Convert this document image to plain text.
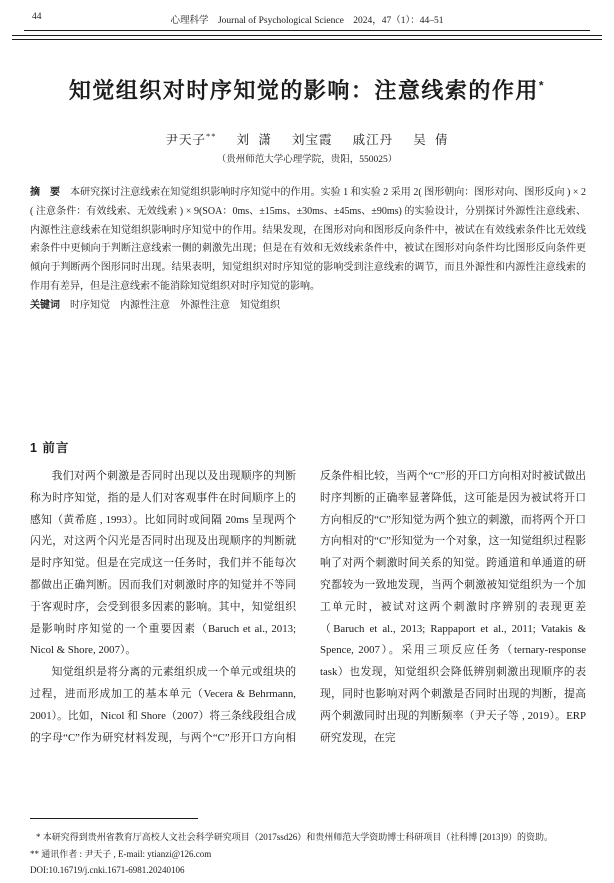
44	心理科学　Journal of Psychological Science　2024，47（1）：44–51
知觉组织对时序知觉的影响：注意线索的作用*
尹天子** 刘  潇 刘宝霞 戚江丹 吴  倩
（贵州师范大学心理学院，贵阳，550025）

摘　要　 本研究探讨注意线索在知觉组织影响时序知觉中的作用。实验 1 和实验 2 采用 2( 图形朝向：图形对向、图形反向 ) × 2 ( 注意条件：有效线索、无效线索 ) × 9(SOA：0ms、±15ms、±30ms、±45ms、±90ms) 的实验设计，分别探讨外源性注意线索、内源性注意线索在知觉组织影响时序知觉中的作用。结果发现，在图形对向和图形反向条件中，被试在有效线索条件比无效线索条件中更倾向于判断注意线索一侧的刺激先出现；但是在有效和无效线索条件中，被试在图形对向条件均比图形反向条件更倾向于判断两个图形同时出现。结果表明，知觉组织对时序知觉的影响受到注意线索的调节，而且外源性和内源性注意线索的作用有差异，但是注意线索不能消除知觉组织对时序知觉的影响。

关键词　 时序知觉　内源性注意　外源性注意　知觉组织

1 前言

我们对两个刺激是否同时出现以及出现顺序的判断称为时序知觉，指的是人们对客观事件在时间顺序上的感知（黄希庭 , 1993）。比如同时或间隔 20ms 呈现两个闪光，对这两个闪光是否同时出现及出现顺序的判断就是时序知觉。但是在完成这一任务时，我们并不能每次都做出正确判断。因而我们对刺激时序的知觉并不等同于客观时序，会受到很多因素的影响。其中，知觉组织是影响时序知觉的一个重要因素（Baruch et al., 2013; Nicol & Shore, 2007）。

知觉组织是将分离的元素组织成一个单元或组块的过程，进而形成加工的基本单元（Vecera & Behrmann, 2001）。比如，Nicol 和 Shore（2007）将三条线段组合成的字母“C”作为研究材料发现，与两个“C”形开口方向相反条件相比较，当两个“C”形的开口方向相对时被试做出时序判断的正确率显著降低，这可能是因为被试将开口方向相反的“C”形知觉为两个独立的刺激，而将两个开口方向相对的“C”形知觉为一个对象，这一知觉组织过程影响了对两个刺激时间关系的知觉。跨通道和单通道的研究都较为一致地发现，当两个刺激被知觉组织为一个加工单元时，被试对这两个刺激时序辨别的表现更差（Baruch et al., 2013; Rappaport et al., 2011; Vatakis & Spence, 2007）。采用三项反应任务（ternary-response task）也发现，知觉组织会降低辨别刺激出现顺序的表现，同时也影响对两个刺激是否同时出现的判断，提高两个刺激同时出现的判断频率（尹天子等 , 2019）。ERP 研究发现，在完

* 本研究得到贵州省教育厅高校人文社会科学研究项目（2017ssd26）和贵州师范大学资助博士科研项目（社科博 [2013]9）的资助。

** 通讯作者 : 尹天子 , E-mail: ytianzi@126.com

DOI:10.16719/j.cnki.1671-6981.20240106
